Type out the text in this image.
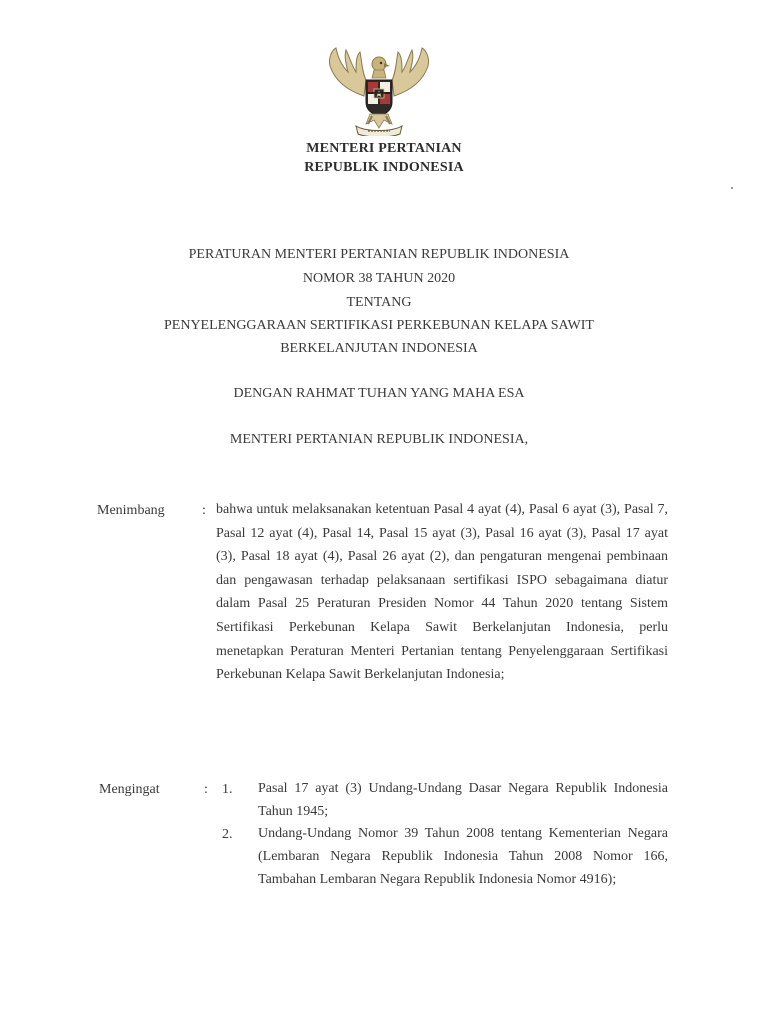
MENTERI PERTANIAN
REPUBLIK INDONESIA
PERATURAN MENTERI PERTANIAN REPUBLIK INDONESIA
NOMOR 38 TAHUN 2020
TENTANG
PENYELENGGARAAN SERTIFIKASI PERKEBUNAN KELAPA SAWIT
BERKELANJUTAN INDONESIA
DENGAN RAHMAT TUHAN YANG MAHA ESA
MENTERI PERTANIAN REPUBLIK INDONESIA,
Menimbang	: bahwa untuk melaksanakan ketentuan Pasal 4 ayat (4), Pasal 6 ayat (3), Pasal 7, Pasal 12 ayat (4), Pasal 14, Pasal 15 ayat (3), Pasal 16 ayat (3), Pasal 17 ayat (3), Pasal 18 ayat (4), Pasal 26 ayat (2), dan pengaturan mengenai pembinaan dan pengawasan terhadap pelaksanaan sertifikasi ISPO sebagaimana diatur dalam Pasal 25 Peraturan Presiden Nomor 44 Tahun 2020 tentang Sistem Sertifikasi Perkebunan Kelapa Sawit Berkelanjutan Indonesia, perlu menetapkan Peraturan Menteri Pertanian tentang Penyelenggaraan Sertifikasi Perkebunan Kelapa Sawit Berkelanjutan Indonesia;
Mengingat	: 1. Pasal 17 ayat (3) Undang-Undang Dasar Negara Republik Indonesia Tahun 1945;
2. Undang-Undang Nomor 39 Tahun 2008 tentang Kementerian Negara (Lembaran Negara Republik Indonesia Tahun 2008 Nomor 166, Tambahan Lembaran Negara Republik Indonesia Nomor 4916);
